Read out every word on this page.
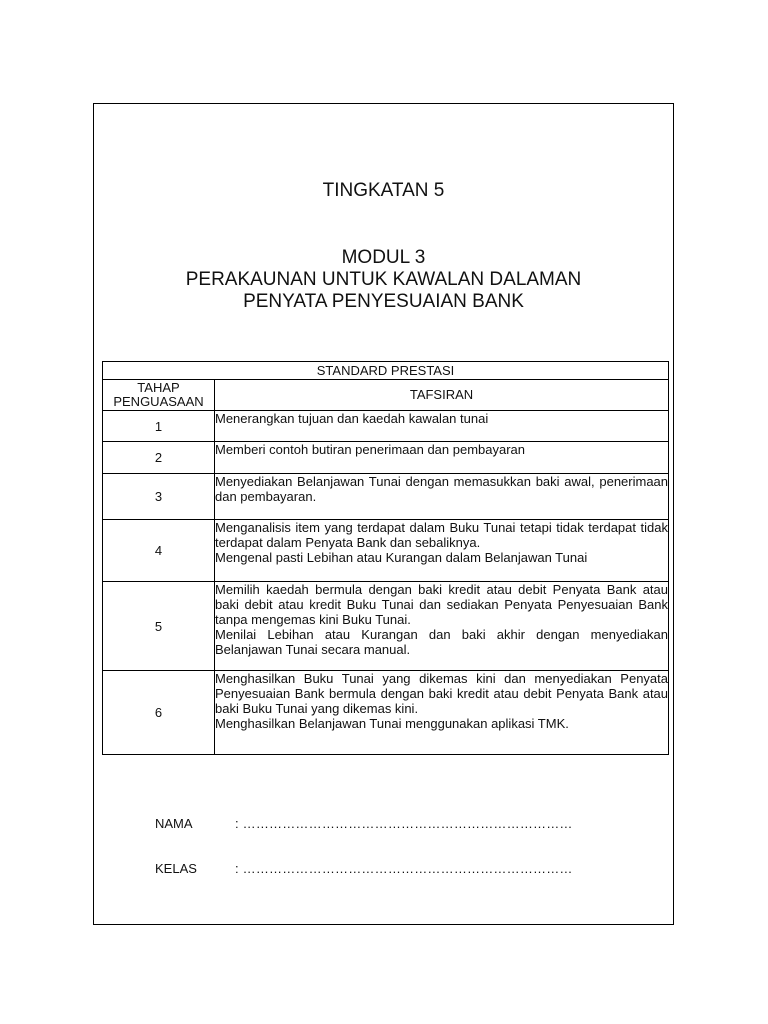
TINGKATAN 5
MODUL 3
PERAKAUNAN UNTUK KAWALAN DALAMAN
PENYATA PENYESUAIAN BANK
STANDARD PRESTASI	

TAHAP
PENGUASAAN	TAFSIRAN
1	Menerangkan tujuan dan kaedah kawalan tunai

2	Memberi contoh butiran penerimaan dan pembayaran

3	Menyediakan Belanjawan Tunai dengan memasukkan baki awal, penerimaan dan pembayaran.

4	Menganalisis item yang terdapat dalam Buku Tunai tetapi tidak terdapat tidak terdapat dalam Penyata Bank dan sebaliknya.
Mengenal pasti Lebihan atau Kurangan dalam Belanjawan Tunai

5	Memilih kaedah bermula dengan baki kredit atau debit Penyata Bank atau baki debit atau kredit Buku Tunai dan sediakan Penyata Penyesuaian Bank tanpa mengemas kini Buku Tunai.
Menilai Lebihan atau Kurangan dan baki akhir dengan menyediakan Belanjawan Tunai secara manual.

6	Menghasilkan Buku Tunai yang dikemas kini dan menyediakan Penyata Penyesuaian Bank bermula dengan baki kredit atau debit Penyata Bank atau baki Buku Tunai yang dikemas kini.
Menghasilkan Belanjawan Tunai menggunakan aplikasi TMK.
NAMA	: …………………………………………………………………
KELAS	: …………………………………………………………………
